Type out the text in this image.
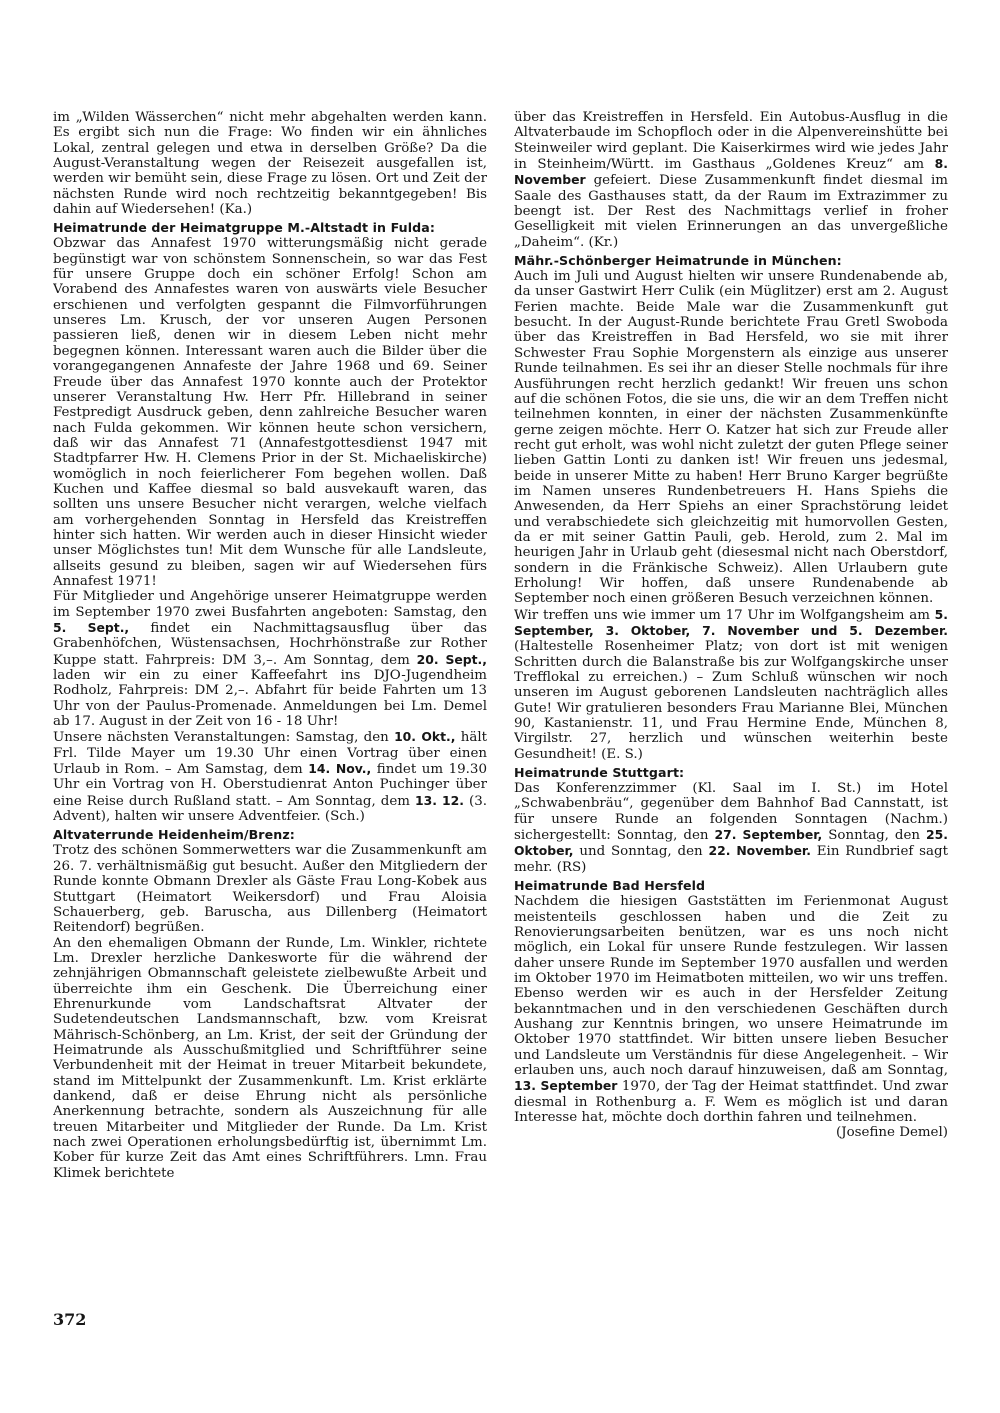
im „Wilden Wässerchen“ nicht mehr abgehalten werden kann. Es ergibt sich nun die Frage: Wo finden wir ein ähnliches Lokal, zentral gelegen und etwa in derselben Größe? Da die August-Veranstaltung wegen der Reisezeit ausgefallen ist, werden wir bemüht sein, diese Frage zu lösen. Ort und Zeit der nächsten Runde wird noch rechtzeitig bekanntgegeben! Bis dahin auf Wiedersehen! (Ka.)

Heimatrunde der Heimatgruppe M.-Altstadt in Fulda:

Obzwar das Annafest 1970 witterungsmäßig nicht gerade begünstigt war von schönstem Sonnenschein, so war das Fest für unsere Gruppe doch ein schöner Erfolg! Schon am Vorabend des Annafestes waren von auswärts viele Besucher erschienen und verfolgten gespannt die Filmvorführungen unseres Lm. Krusch, der vor unseren Augen Personen passieren ließ, denen wir in diesem Leben nicht mehr begegnen können. Interessant waren auch die Bilder über die vorangegangenen Annafeste der Jahre 1968 und 69. Seiner Freude über das Annafest 1970 konnte auch der Protektor unserer Veranstaltung Hw. Herr Pfr. Hillebrand in seiner Festpredigt Ausdruck geben, denn zahlreiche Besucher waren nach Fulda gekommen. Wir können heute schon versichern, daß wir das Annafest 71 (Annafestgottesdienst 1947 mit Stadtpfarrer Hw. H. Clemens Prior in der St. Michaeliskirche) womöglich in noch feierlicherer Fom begehen wollen. Daß Kuchen und Kaffee diesmal so bald ausvekauft waren, das sollten uns unsere Besucher nicht verargen, welche vielfach am vorhergehenden Sonntag in Hersfeld das Kreistreffen hinter sich hatten. Wir werden auch in dieser Hinsicht wieder unser Möglichstes tun! Mit dem Wunsche für alle Landsleute, allseits gesund zu bleiben, sagen wir auf Wiedersehen fürs Annafest 1971!

Für Mitglieder und Angehörige unserer Heimatgruppe werden im September 1970 zwei Busfahrten angeboten: Samstag, den 5. Sept., findet ein Nachmittagsausflug über das Grabenhöfchen, Wüstensachsen, Hochrhönstraße zur Rother Kuppe statt. Fahrpreis: DM 3,–. Am Sonntag, dem 20. Sept., laden wir ein zu einer Kaffeefahrt ins DJO-Jugendheim Rodholz, Fahrpreis: DM 2,–. Abfahrt für beide Fahrten um 13 Uhr von der Paulus-Promenade. Anmeldungen bei Lm. Demel ab 17. August in der Zeit von 16 - 18 Uhr!

Unsere nächsten Veranstaltungen: Samstag, den 10. Okt., hält Frl. Tilde Mayer um 19.30 Uhr einen Vortrag über einen Urlaub in Rom. – Am Samstag, dem 14. Nov., findet um 19.30 Uhr ein Vortrag von H. Oberstudienrat Anton Puchinger über eine Reise durch Rußland statt. – Am Sonntag, dem 13. 12. (3. Advent), halten wir unsere Adventfeier. (Sch.)

Altvaterrunde Heidenheim/Brenz:

Trotz des schönen Sommerwetters war die Zusammenkunft am 26. 7. verhältnismäßig gut besucht. Außer den Mitgliedern der Runde konnte Obmann Drexler als Gäste Frau Long-Kobek aus Stuttgart (Heimatort Weikersdorf) und Frau Aloisia Schauerberg, geb. Baruscha, aus Dillenberg (Heimatort Reitendorf) begrüßen.

An den ehemaligen Obmann der Runde, Lm. Winkler, richtete Lm. Drexler herzliche Dankesworte für die während der zehnjährigen Obmannschaft geleistete zielbewußte Arbeit und überreichte ihm ein Geschenk. Die Überreichung einer Ehrenurkunde vom Landschaftsrat Altvater der Sudetendeutschen Landsmannschaft, bzw. vom Kreisrat Mährisch-Schönberg, an Lm. Krist, der seit der Gründung der Heimatrunde als Ausschußmitglied und Schriftführer seine Verbundenheit mit der Heimat in treuer Mitarbeit bekundete, stand im Mittelpunkt der Zusammenkunft. Lm. Krist erklärte dankend, daß er deise Ehrung nicht als persönliche Anerkennung betrachte, sondern als Auszeichnung für alle treuen Mitarbeiter und Mitglieder der Runde. Da Lm. Krist nach zwei Operationen erholungsbedürftig ist, übernimmt Lm. Kober für kurze Zeit das Amt eines Schriftführers. Lmn. Frau Klimek berichtete

über das Kreistreffen in Hersfeld. Ein Autobus-Ausflug in die Altvaterbaude im Schopfloch oder in die Alpenvereinshütte bei Steinweiler wird geplant. Die Kaiserkirmes wird wie jedes Jahr in Steinheim/Württ. im Gasthaus „Goldenes Kreuz“ am 8. November gefeiert. Diese Zusammenkunft findet diesmal im Saale des Gasthauses statt, da der Raum im Extrazimmer zu beengt ist. Der Rest des Nachmittags verlief in froher Geselligkeit mit vielen Erinnerungen an das unvergeßliche „Daheim“. (Kr.)

Mähr.-Schönberger Heimatrunde in München:

Auch im Juli und August hielten wir unsere Rundenabende ab, da unser Gastwirt Herr Culik (ein Müglitzer) erst am 2. August Ferien machte. Beide Male war die Zusammenkunft gut besucht. In der August-Runde berichtete Frau Gretl Swoboda über das Kreistreffen in Bad Hersfeld, wo sie mit ihrer Schwester Frau Sophie Morgenstern als einzige aus unserer Runde teilnahmen. Es sei ihr an dieser Stelle nochmals für ihre Ausführungen recht herzlich gedankt! Wir freuen uns schon auf die schönen Fotos, die sie uns, die wir an dem Treffen nicht teilnehmen konnten, in einer der nächsten Zusammenkünfte gerne zeigen möchte. Herr O. Katzer hat sich zur Freude aller recht gut erholt, was wohl nicht zuletzt der guten Pflege seiner lieben Gattin Lonti zu danken ist! Wir freuen uns jedesmal, beide in unserer Mitte zu haben! Herr Bruno Karger begrüßte im Namen unseres Rundenbetreuers H. Hans Spiehs die Anwesenden, da Herr Spiehs an einer Sprachstörung leidet und verabschiedete sich gleichzeitig mit humorvollen Gesten, da er mit seiner Gattin Pauli, geb. Herold, zum 2. Mal im heurigen Jahr in Urlaub geht (diesesmal nicht nach Oberstdorf, sondern in die Fränkische Schweiz). Allen Urlaubern gute Erholung! Wir hoffen, daß unsere Rundenabende ab September noch einen größeren Besuch verzeichnen können.

Wir treffen uns wie immer um 17 Uhr im Wolfgangsheim am 5. September, 3. Oktober, 7. November und 5. Dezember. (Haltestelle Rosenheimer Platz; von dort ist mit wenigen Schritten durch die Balanstraße bis zur Wolfgangskirche unser Trefflokal zu erreichen.) – Zum Schluß wünschen wir noch unseren im August geborenen Landsleuten nachträglich alles Gute! Wir gratulieren besonders Frau Marianne Blei, München 90, Kastanienstr. 11, und Frau Hermine Ende, München 8, Virgilstr. 27, herzlich und wünschen weiterhin beste Gesundheit! (E. S.)

Heimatrunde Stuttgart:

Das Konferenzzimmer (Kl. Saal im I. St.) im Hotel „Schwabenbräu“, gegenüber dem Bahnhof Bad Cannstatt, ist für unsere Runde an folgenden Sonntagen (Nachm.) sichergestellt: Sonntag, den 27. September, Sonntag, den 25. Oktober, und Sonntag, den 22. November. Ein Rundbrief sagt mehr. (RS)

Heimatrunde Bad Hersfeld

Nachdem die hiesigen Gaststätten im Ferienmonat August meistenteils geschlossen haben und die Zeit zu Renovierungsarbeiten benützen, war es uns noch nicht möglich, ein Lokal für unsere Runde festzulegen. Wir lassen daher unsere Runde im September 1970 ausfallen und werden im Oktober 1970 im Heimatboten mitteilen, wo wir uns treffen. Ebenso werden wir es auch in der Hersfelder Zeitung bekanntmachen und in den verschiedenen Geschäften durch Aushang zur Kenntnis bringen, wo unsere Heimatrunde im Oktober 1970 stattfindet. Wir bitten unsere lieben Besucher und Landsleute um Verständnis für diese Angelegenheit. – Wir erlauben uns, auch noch darauf hinzuweisen, daß am Sonntag, 13. September 1970, der Tag der Heimat stattfindet. Und zwar diesmal in Rothenburg a. F. Wem es möglich ist und daran Interesse hat, möchte doch dorthin fahren und teilnehmen.
(Josefine Demel)

372
